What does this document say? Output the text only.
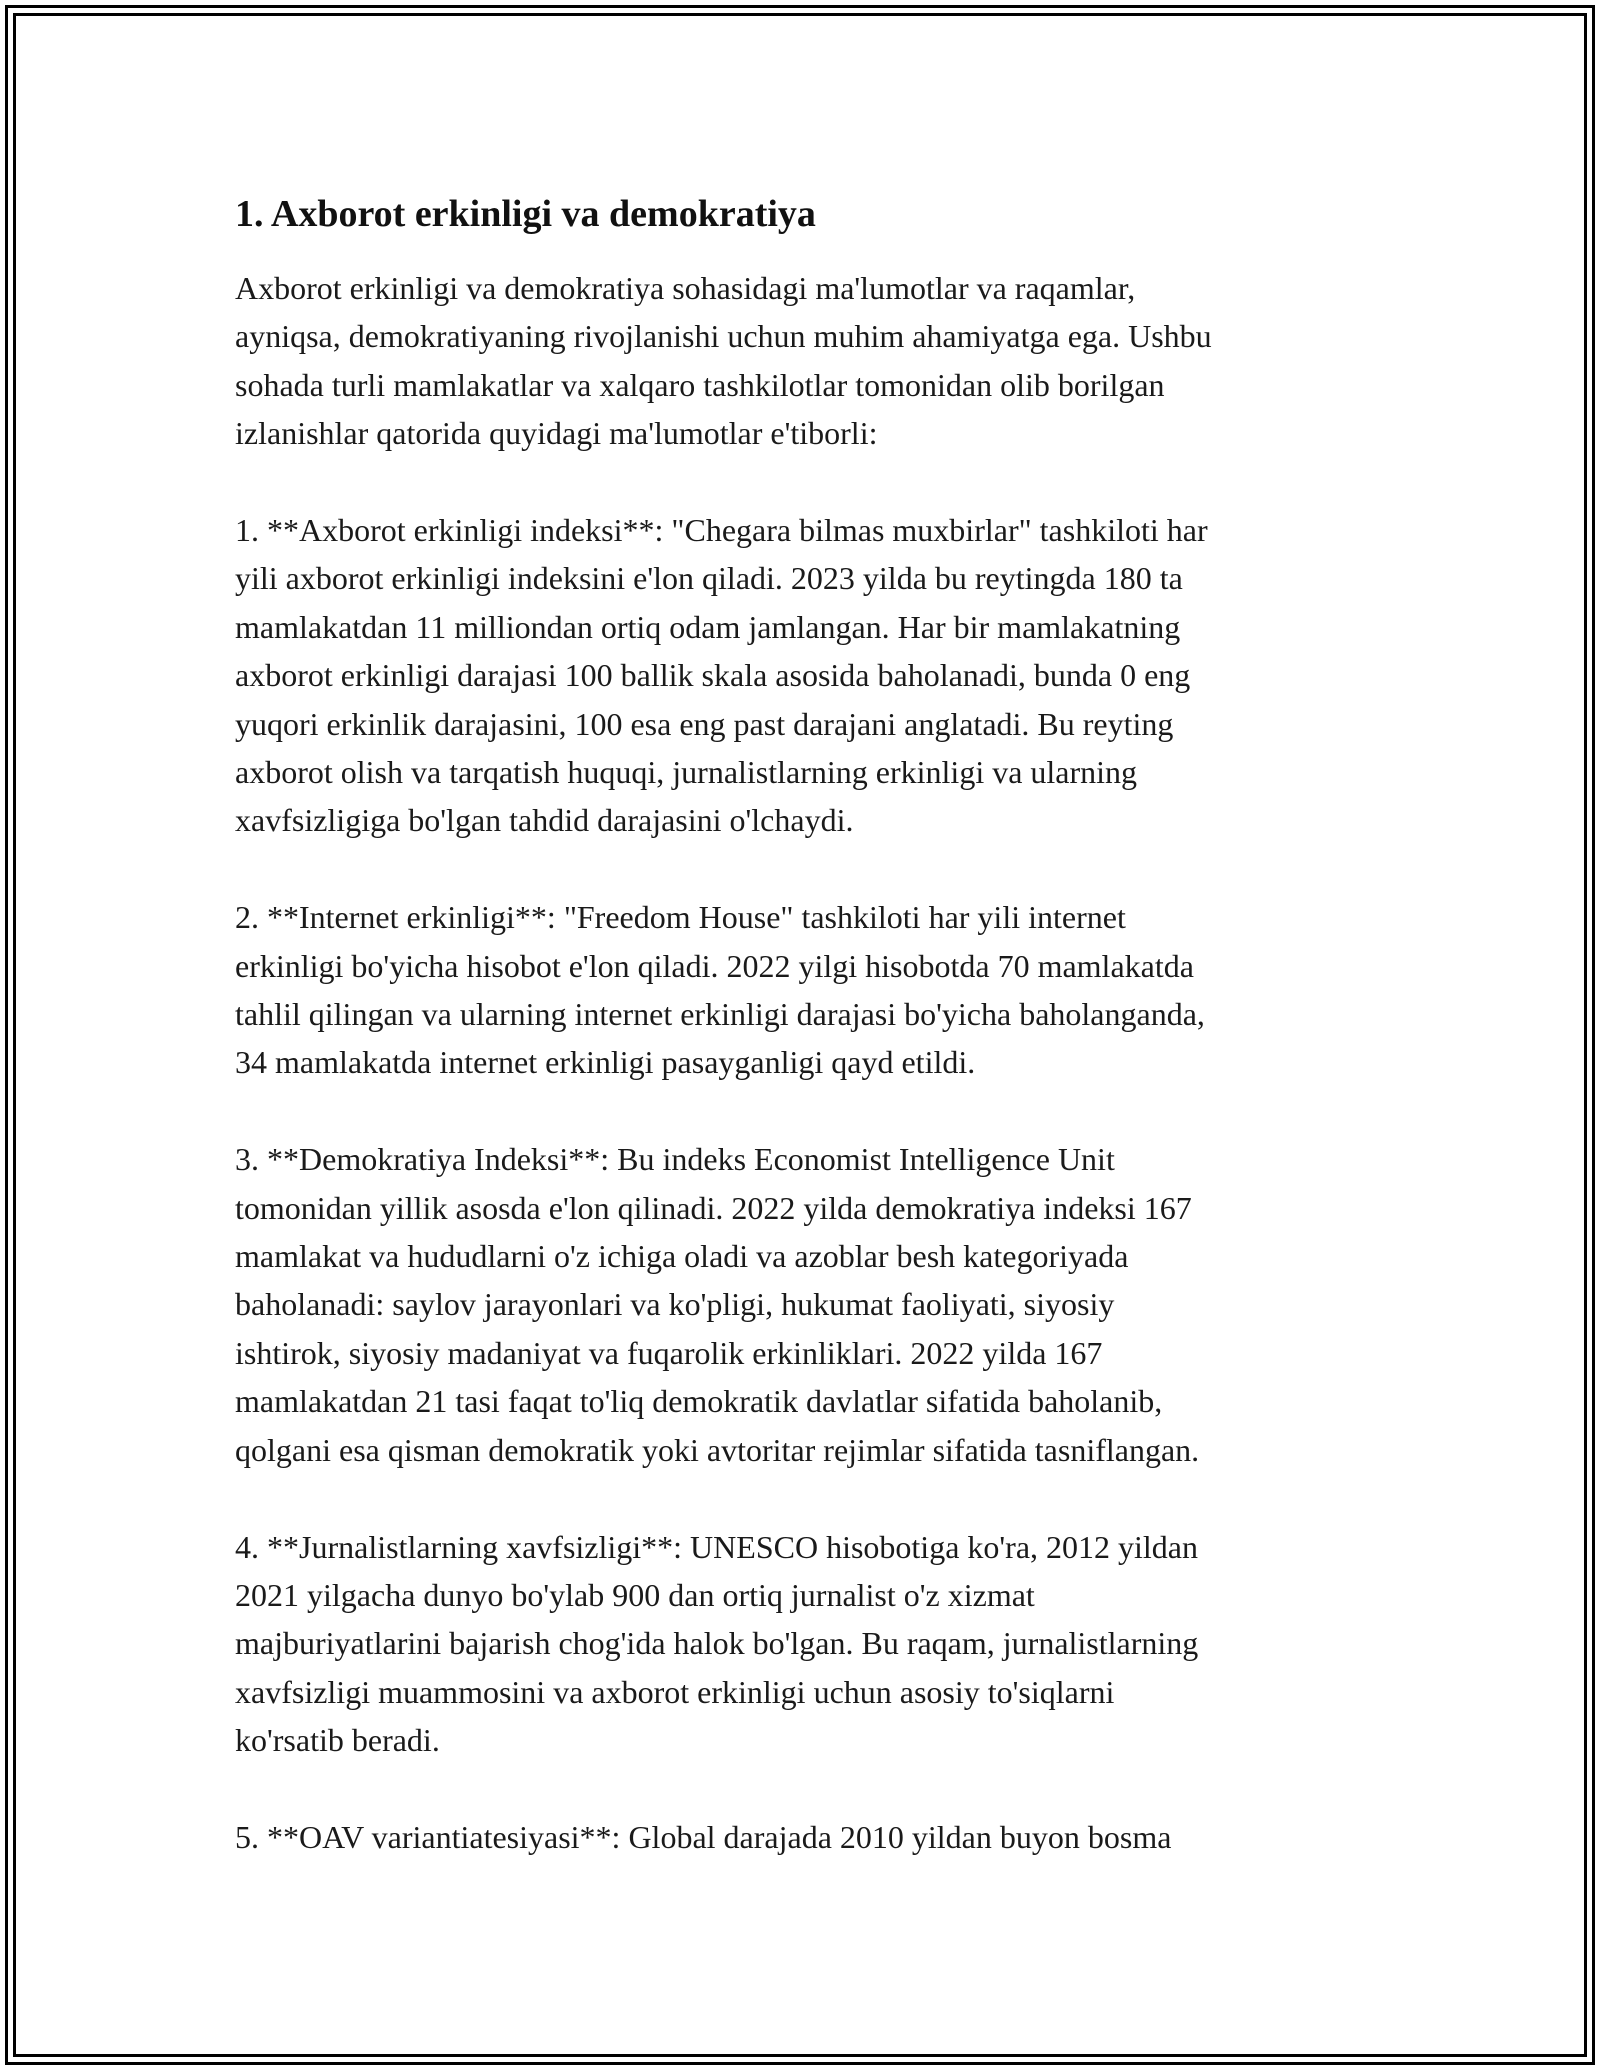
1. Axborot erkinligi va demokratiya
Axborot erkinligi va demokratiya sohasidagi ma'lumotlar va raqamlar,
ayniqsa, demokratiyaning rivojlanishi uchun muhim ahamiyatga ega. Ushbu
sohada turli mamlakatlar va xalqaro tashkilotlar tomonidan olib borilgan
izlanishlar qatorida quyidagi ma'lumotlar e'tiborli:
1. **Axborot erkinligi indeksi**: "Chegara bilmas muxbirlar" tashkiloti har
yili axborot erkinligi indeksini e'lon qiladi. 2023 yilda bu reytingda 180 ta
mamlakatdan 11 milliondan ortiq odam jamlangan. Har bir mamlakatning
axborot erkinligi darajasi 100 ballik skala asosida baholanadi, bunda 0 eng
yuqori erkinlik darajasini, 100 esa eng past darajani anglatadi. Bu reyting
axborot olish va tarqatish huquqi, jurnalistlarning erkinligi va ularning
xavfsizligiga bo'lgan tahdid darajasini o'lchaydi.
2. **Internet erkinligi**: "Freedom House" tashkiloti har yili internet
erkinligi bo'yicha hisobot e'lon qiladi. 2022 yilgi hisobotda 70 mamlakatda
tahlil qilingan va ularning internet erkinligi darajasi bo'yicha baholanganda,
34 mamlakatda internet erkinligi pasayganligi qayd etildi.
3. **Demokratiya Indeksi**: Bu indeks Economist Intelligence Unit
tomonidan yillik asosda e'lon qilinadi. 2022 yilda demokratiya indeksi 167
mamlakat va hududlarni o'z ichiga oladi va azoblar besh kategoriyada
baholanadi: saylov jarayonlari va ko'pligi, hukumat faoliyati, siyosiy
ishtirok, siyosiy madaniyat va fuqarolik erkinliklari. 2022 yilda 167
mamlakatdan 21 tasi faqat to'liq demokratik davlatlar sifatida baholanib,
qolgani esa qisman demokratik yoki avtoritar rejimlar sifatida tasniflangan.
4. **Jurnalistlarning xavfsizligi**: UNESCO hisobotiga ko'ra, 2012 yildan
2021 yilgacha dunyo bo'ylab 900 dan ortiq jurnalist o'z xizmat
majburiyatlarini bajarish chog'ida halok bo'lgan. Bu raqam, jurnalistlarning
xavfsizligi muammosini va axborot erkinligi uchun asosiy to'siqlarni
ko'rsatib beradi.
5. **OAV variantiatesiyasi**: Global darajada 2010 yildan buyon bosma
